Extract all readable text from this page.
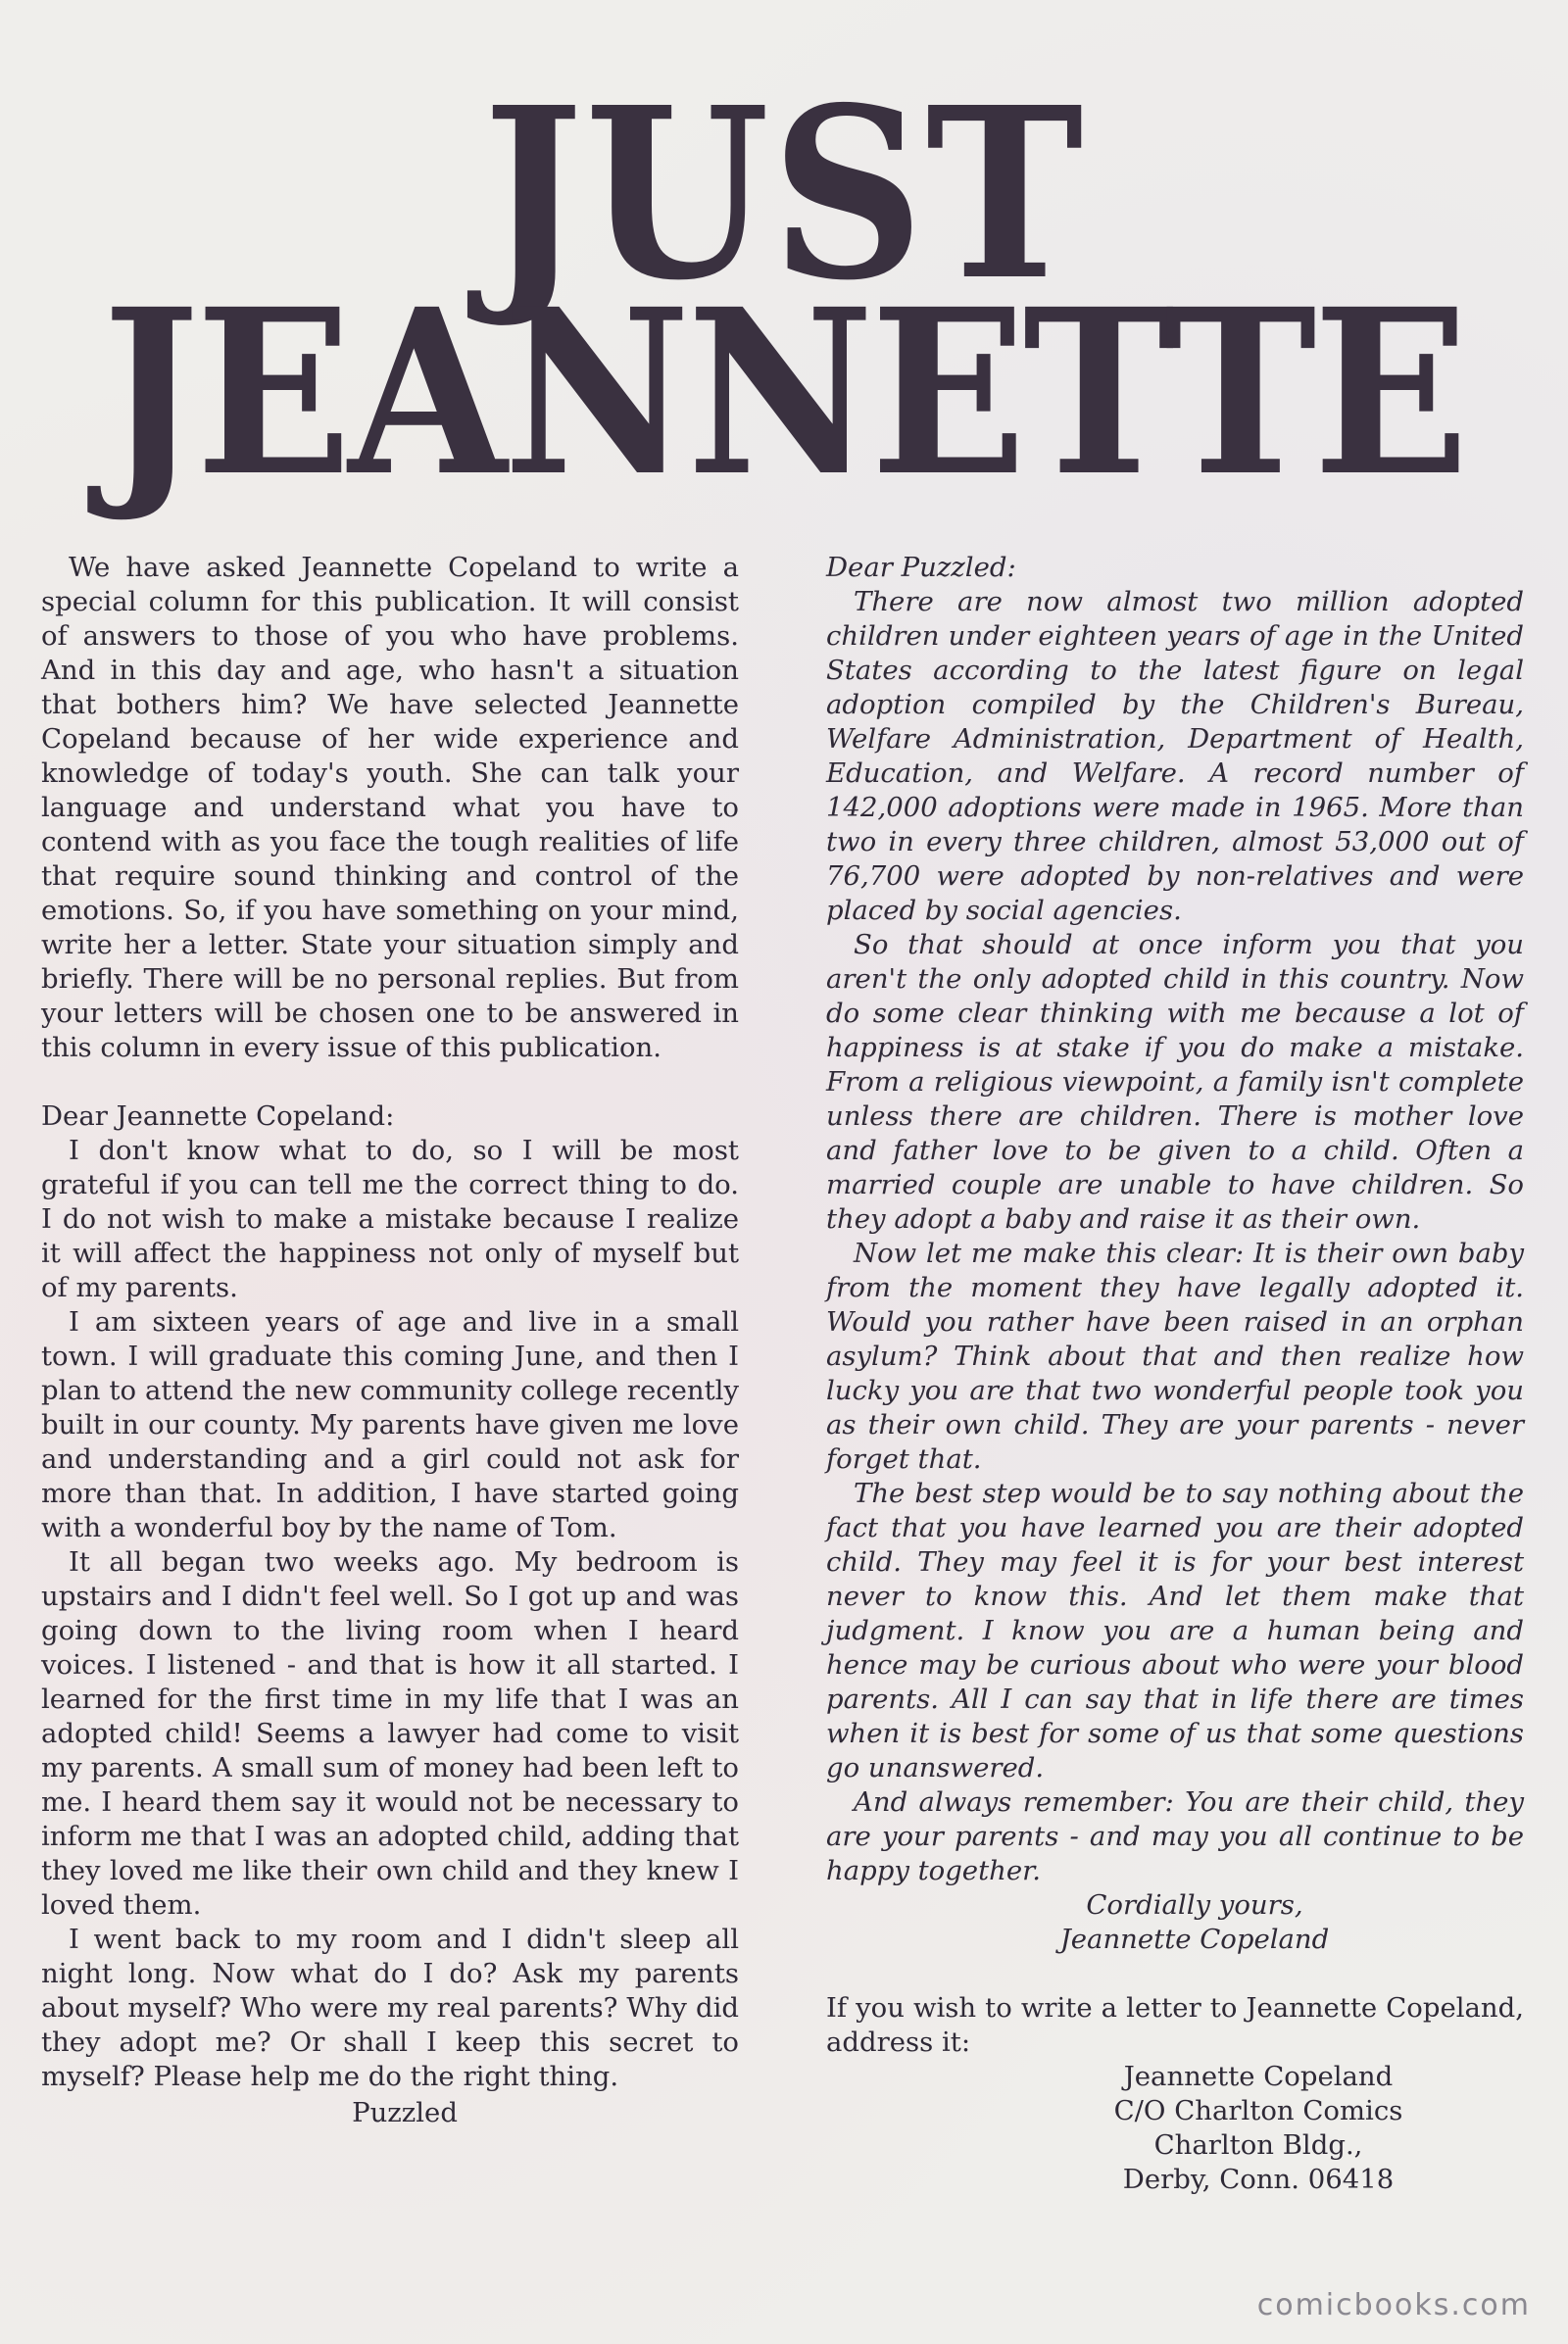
JUST
JEANNETTE

We have asked Jeannette Copeland to write a special column for this publication. It will consist of answers to those of you who have problems. And in this day and age, who hasn't a situation that bothers him? We have selected Jeannette Copeland because of her wide experience and knowledge of today's youth. She can talk your language and understand what you have to contend with as you face the tough realities of life that require sound thinking and control of the emotions. So, if you have something on your mind, write her a letter. State your situation simply and briefly. There will be no personal replies. But from your letters will be chosen one to be answered in this column in every issue of this publication.

Dear Jeannette Copeland:

I don't know what to do, so I will be most grateful if you can tell me the correct thing to do. I do not wish to make a mistake because I realize it will affect the happiness not only of myself but of my parents.

I am sixteen years of age and live in a small town. I will graduate this coming June, and then I plan to attend the new community college recently built in our county. My parents have given me love and understanding and a girl could not ask for more than that. In addition, I have started going with a wonderful boy by the name of Tom.

It all began two weeks ago. My bedroom is upstairs and I didn't feel well. So I got up and was going down to the living room when I heard voices. I listened - and that is how it all started. I learned for the first time in my life that I was an adopted child! Seems a lawyer had come to visit my parents. A small sum of money had been left to me. I heard them say it would not be necessary to inform me that I was an adopted child, adding that they loved me like their own child and they knew I loved them.

I went back to my room and I didn't sleep all night long. Now what do I do? Ask my parents about myself? Who were my real parents? Why did they adopt me? Or shall I keep this secret to myself? Please help me do the right thing.

Puzzled

Dear Puzzled:

There are now almost two million adopted children under eighteen years of age in the United States according to the latest figure on legal adoption compiled by the Children's Bureau, Welfare Administration, Department of Health, Education, and Welfare. A record number of 142,000 adoptions were made in 1965. More than two in every three children, almost 53,000 out of 76,700 were adopted by non-relatives and were placed by social agencies.

So that should at once inform you that you aren't the only adopted child in this country. Now do some clear thinking with me because a lot of happiness is at stake if you do make a mistake. From a religious viewpoint, a family isn't complete unless there are children. There is mother love and father love to be given to a child. Often a married couple are unable to have children. So they adopt a baby and raise it as their own.

Now let me make this clear: It is their own baby from the moment they have legally adopted it. Would you rather have been raised in an orphan asylum? Think about that and then realize how lucky you are that two wonderful people took you as their own child. They are your parents - never forget that.

The best step would be to say nothing about the fact that you have learned you are their adopted child. They may feel it is for your best interest never to know this. And let them make that judgment. I know you are a human being and hence may be curious about who were your blood parents. All I can say that in life there are times when it is best for some of us that some questions go unanswered.

And always remember: You are their child, they are your parents - and may you all continue to be happy together.

Cordially yours,

Jeannette Copeland

If you wish to write a letter to Jeannette Copeland, address it:

Jeannette Copeland

C/O Charlton Comics

Charlton Bldg.,

Derby, Conn. 06418

comicbooks.com
